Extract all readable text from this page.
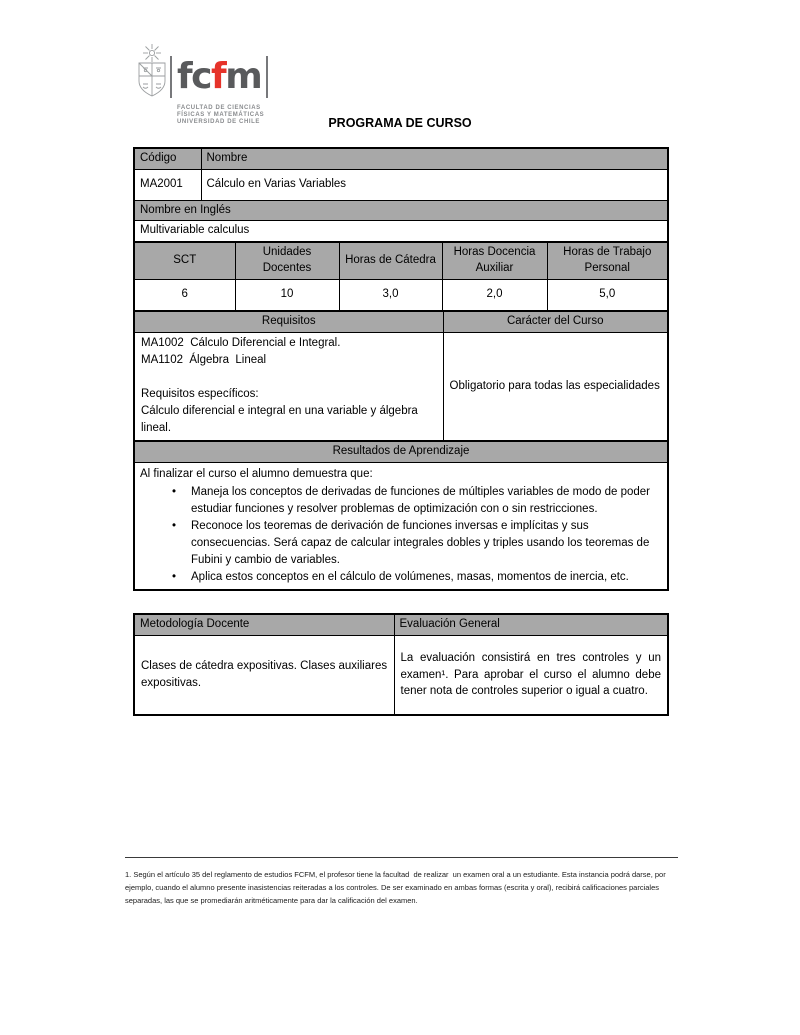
fcfm
FACULTAD DE CIENCIAS
FÍSICAS Y MATEMÁTICAS
UNIVERSIDAD DE CHILE	PROGRAMA DE CURSO
Código	Nombre
MA2001	Cálculo en Varias Variables
Nombre en Inglés	
Multivariable calculus	
SCT	Unidades Docentes	Horas de Cátedra	Horas Docencia Auxiliar	Horas de Trabajo Personal
6	10	3,0	2,0	5,0
Requisitos	Carácter del Curso

MA1002  Cálculo Diferencial e Integral.
MA1102  Álgebra  Lineal
Requisitos específicos:
Cálculo diferencial e integral en una variable y álgebra lineal.	Obligatorio para todas las especialidades
Resultados de Aprendizaje

Al finalizar el curso el alumno demuestra que:
• Maneja los conceptos de derivadas de funciones de múltiples variables de modo de poder estudiar funciones y resolver problemas de optimización con o sin restricciones.
• Reconoce los teoremas de derivación de funciones inversas e implícitas y sus consecuencias. Será capaz de calcular integrales dobles y triples usando los teoremas de Fubini y cambio de variables.
• Aplica estos conceptos en el cálculo de volúmenes, masas, momentos de inercia, etc.
Metodología Docente	Evaluación General
Clases de cátedra expositivas. Clases auxiliares expositivas.	La evaluación consistirá en tres controles y un examen¹. Para aprobar el curso el alumno debe tener nota de controles superior o igual a cuatro.
1. Según el artículo 35 del reglamento de estudios FCFM, el profesor tiene la facultad  de realizar  un examen oral a un estudiante. Esta instancia podrá darse, por ejemplo, cuando el alumno presente inasistencias reiteradas a los controles. De ser examinado en ambas formas (escrita y oral), recibirá calificaciones parciales separadas, las que se promediarán aritméticamente para dar la calificación del examen.
